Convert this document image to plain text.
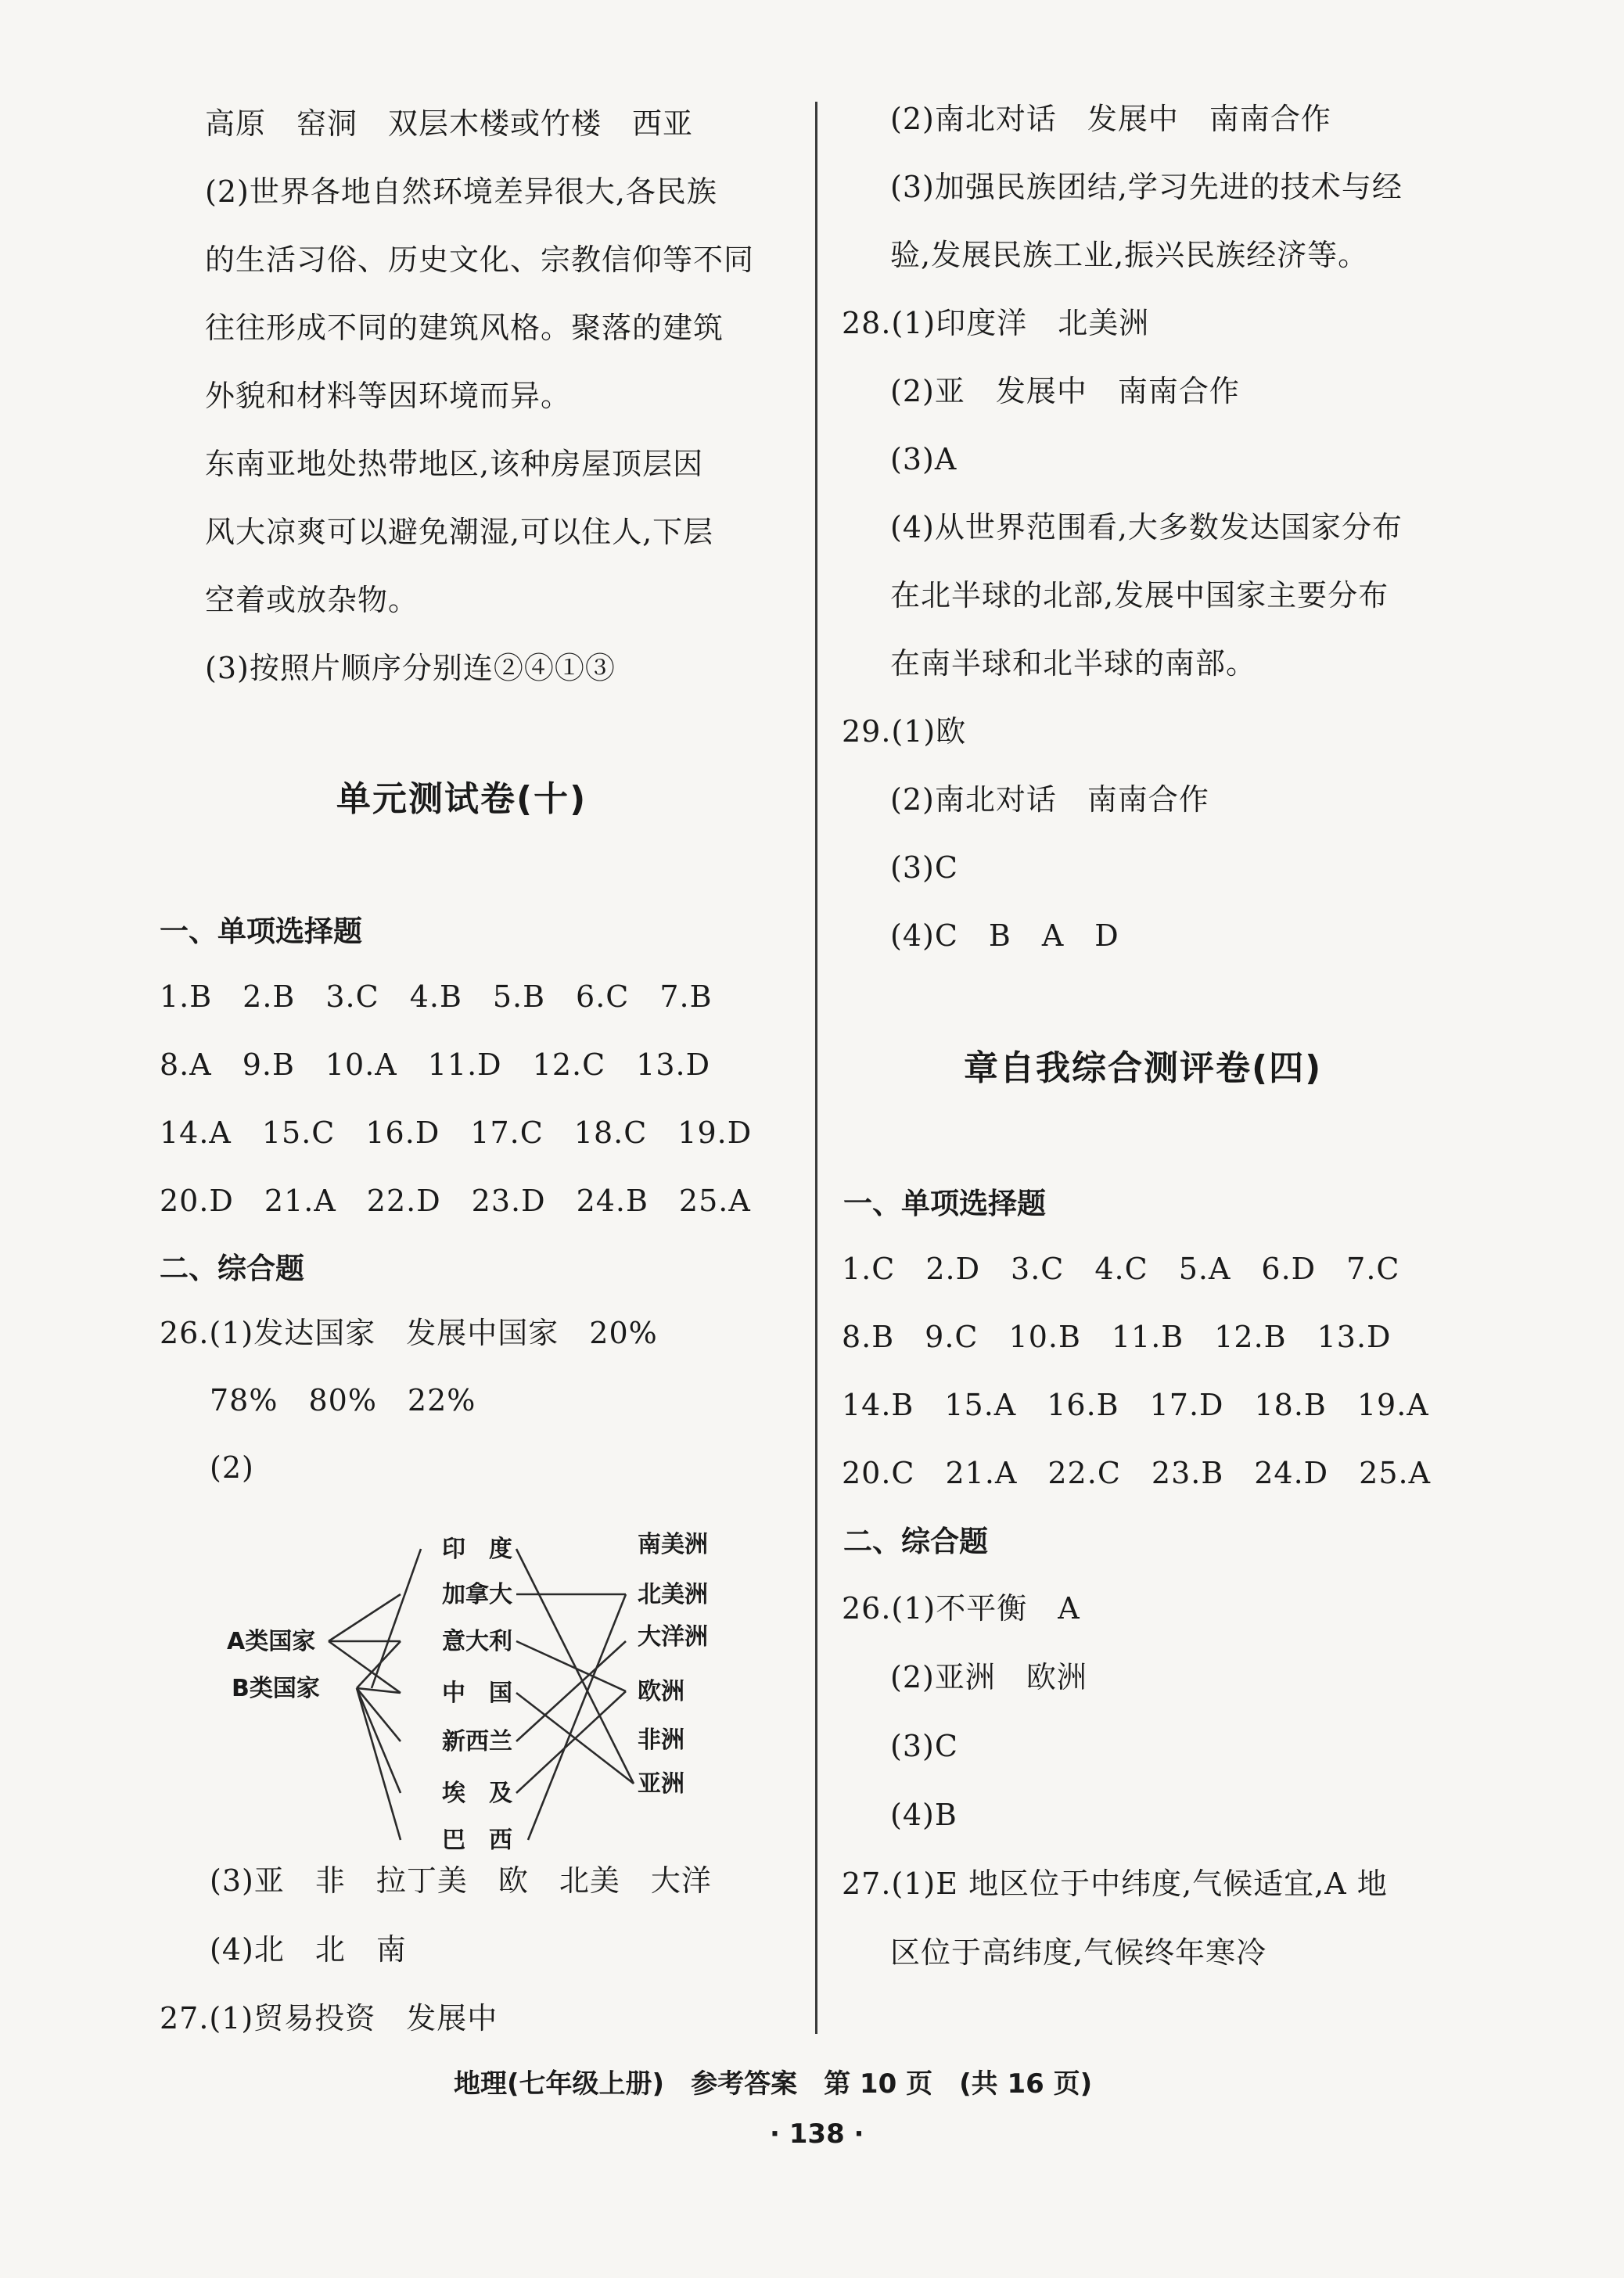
高原　窑洞　双层木楼或竹楼　西亚
(2)世界各地自然环境差异很大,各民族
的生活习俗、历史文化、宗教信仰等不同
往往形成不同的建筑风格。聚落的建筑
外貌和材料等因环境而异。
东南亚地处热带地区,该种房屋顶层因
风大凉爽可以避免潮湿,可以住人,下层
空着或放杂物。
(3)按照片顺序分别连②④①③
单元测试卷(十)
一、单项选择题
1.B　2.B　3.C　4.B　5.B　6.C　7.B
8.A　9.B　10.A　11.D　12.C　13.D
14.A　15.C　16.D　17.C　18.C　19.D
20.D　21.A　22.D　23.D　24.B　25.A
二、综合题
26.(1)发达国家　发展中国家　20%
78%　80%　22%
(2)
A类国家
B类国家
印　度
加拿大
意大利
中　国
新西兰
埃　及
巴　西
南美洲
北美洲
大洋洲
欧洲
非洲
亚洲
(3)亚　非　拉丁美　欧　北美　大洋
(4)北　北　南
27.(1)贸易投资　发展中
(2)南北对话　发展中　南南合作
(3)加强民族团结,学习先进的技术与经
验,发展民族工业,振兴民族经济等。
28.(1)印度洋　北美洲
(2)亚　发展中　南南合作
(3)A
(4)从世界范围看,大多数发达国家分布
在北半球的北部,发展中国家主要分布
在南半球和北半球的南部。
29.(1)欧
(2)南北对话　南南合作
(3)C
(4)C　B　A　D
章自我综合测评卷(四)
一、单项选择题
1.C　2.D　3.C　4.C　5.A　6.D　7.C
8.B　9.C　10.B　11.B　12.B　13.D
14.B　15.A　16.B　17.D　18.B　19.A
20.C　21.A　22.C　23.B　24.D　25.A
二、综合题
26.(1)不平衡　A
(2)亚洲　欧洲
(3)C
(4)B
27.(1)E 地区位于中纬度,气候适宜,A 地
区位于高纬度,气候终年寒冷
地理(七年级上册)　参考答案　第 10 页　(共 16 页)
· 138 ·
